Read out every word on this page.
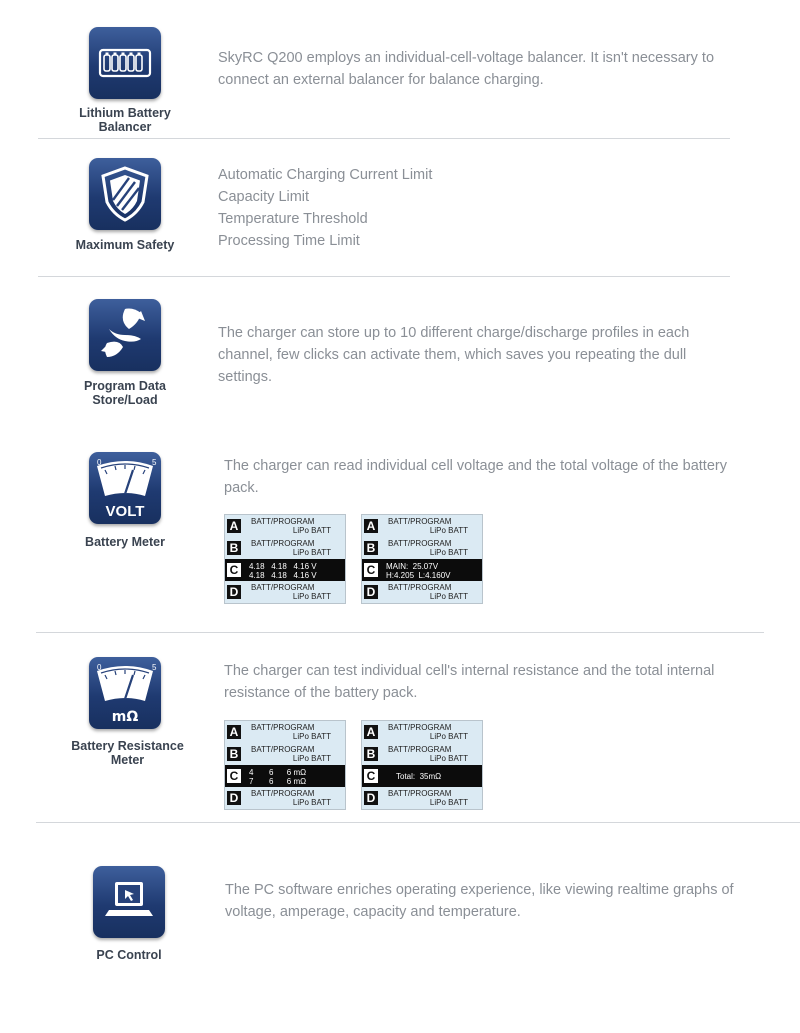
Lithium Battery
Balancer
SkyRC Q200 employs an individual-cell-voltage balancer. It isn't necessary to
connect an external balancer for balance charging.
Maximum Safety
Automatic Charging Current Limit
Capacity Limit
Temperature Threshold
Processing Time Limit
Program Data
Store/Load
The charger can store up to 10 different charge/discharge profiles in each
channel, few clicks can activate them, which saves you repeating the dull
settings.
VOLT
0	5
Battery Meter
The charger can read individual cell voltage and the total voltage of the battery
pack.
A	BATT/PROGRAM
LiPo BATT
B	BATT/PROGRAM
LiPo BATT
C	4.18   4.18   4.16 V
4.18   4.18   4.16 V
D	BATT/PROGRAM
LiPo BATT
A	BATT/PROGRAM
LiPo BATT
B	BATT/PROGRAM
LiPo BATT
C	MAIN:  25.07V
H:4.205  L:4.160V
D	BATT/PROGRAM
LiPo BATT
mΩ
0	5
Battery Resistance
Meter
The charger can test individual cell's internal resistance and the total internal
resistance of the battery pack.
A	BATT/PROGRAM
LiPo BATT
B	BATT/PROGRAM
LiPo BATT
C	4       6      6 mΩ
7       6      6 mΩ
D	BATT/PROGRAM
LiPo BATT
A	BATT/PROGRAM
LiPo BATT
B	BATT/PROGRAM
LiPo BATT
C	Total:  35mΩ
D	BATT/PROGRAM
LiPo BATT
PC Control
The PC software enriches operating experience, like viewing realtime graphs of
voltage, amperage, capacity and temperature.
